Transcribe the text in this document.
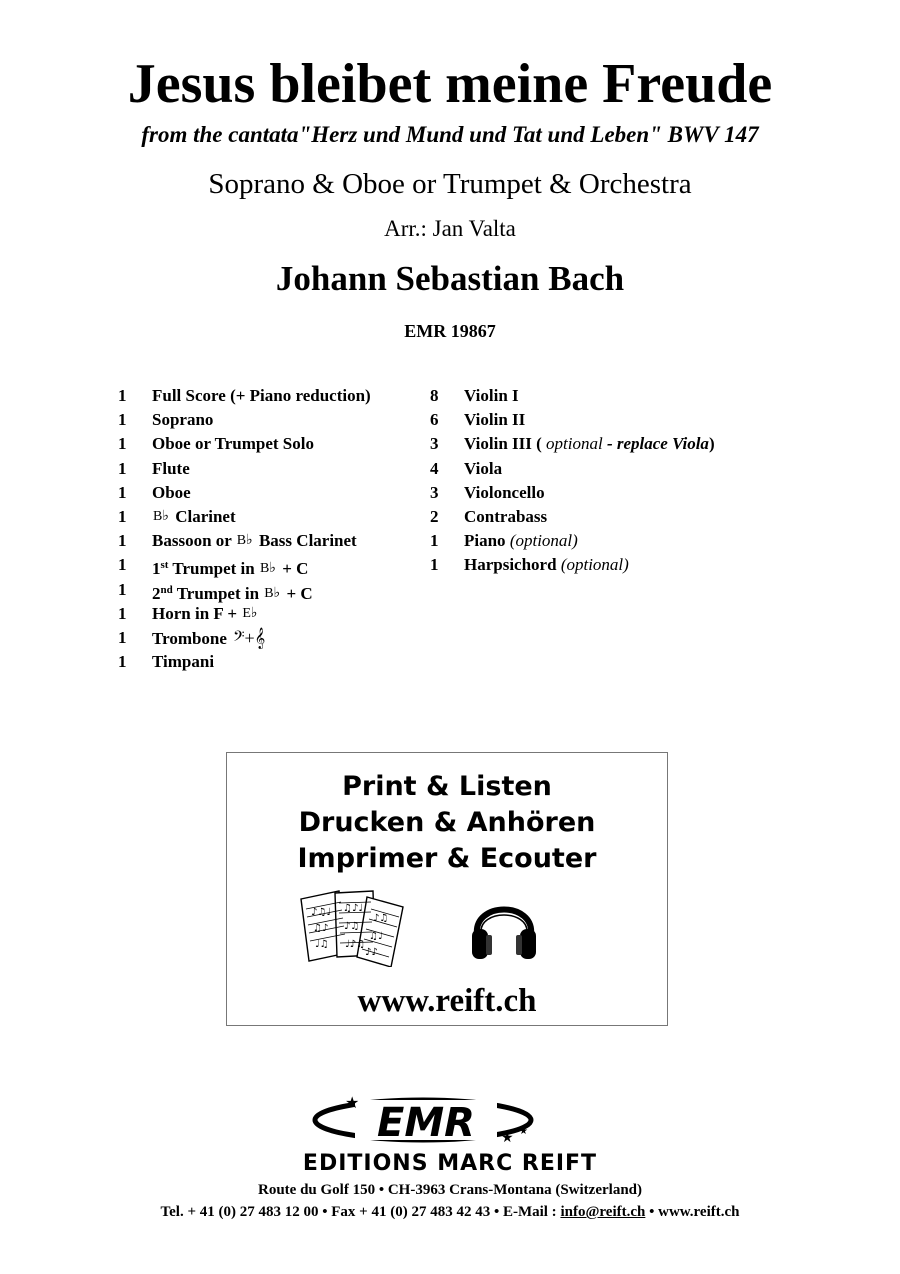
Jesus bleibet meine Freude
from the cantata"Herz und Mund und Tat und Leben" BWV 147
Soprano & Oboe or Trumpet & Orchestra
Arr.: Jan Valta
Johann Sebastian Bach
EMR 19867
1	Full Score (+ Piano reduction)
1	Soprano
1	Oboe or Trumpet Solo
1	Flute
1	Oboe
1	B♭ Clarinet
1	Bassoon or B♭ Bass Clarinet
1	1st Trumpet in B♭ + C
1	2nd Trumpet in B♭ + C
1	Horn in F + E♭
1	Trombone 𝄢+𝄞
1	Timpani
8	Violin I
6	Violin II
3	Violin III ( optional - replace Viola)
4	Viola
3	Violoncello
2	Contrabass
1	Piano (optional)
1	Harpsichord (optional)
Print & Listen
Drucken & Anhören
Imprimer & Ecouter
♪♫♩
♫♪
♩♫
♫♪♩
♪♫
♩♪♫
♪♫
♫♩
♪♪
www.reift.ch
EMR
★
★ ★
EDITIONS MARC REIFT
Route du Golf 150 • CH-3963 Crans-Montana (Switzerland)
Tel. + 41 (0) 27 483 12 00 • Fax + 41 (0) 27 483 42 43 • E-Mail : info@reift.ch • www.reift.ch
